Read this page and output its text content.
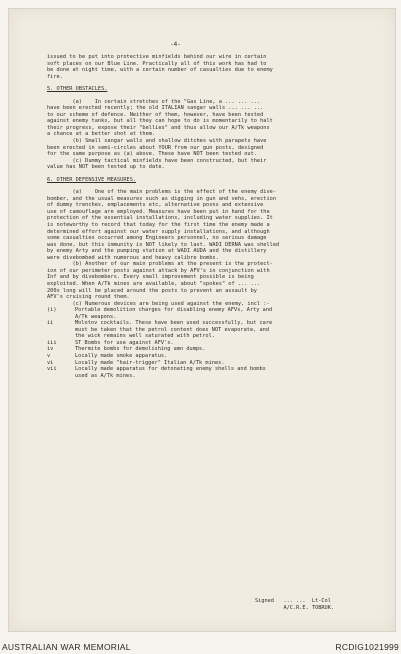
-4-

issued to be put into protective minfields behind our wire in certain

soft places on our Blue Line. Practically all of this work has had to

be done at night time, with a certain number of casualties due to enemy

fire.

5. OTHER OBSTACLES.

(a)    In certain stretches of the "Gas Line, a ... ... ...

have been erected recently; the old ITALIAN sangar walls ... ... ...

to our scheme of defence. Neither of them, however, have been tested

against enemy tanks, but all they can hope to do is momentarily to halt

their progress, expose their "bellies" and thus allow our A/Tk weapons

a chance at a better shot at them.

(b) Small sangar walls and shallow ditches with parapets have

been erected in semi-circles about YOUR from our gun posts, designed

for the same purpose as (a) above. These have NOT been tested out.

(c) Dummy tactical minfields have been constructed, but their

value has NOT been tested up to date.

6. OTHER DEFENSIVE MEASURES.

(a)    One of the main problems is the effect of the enemy dive-

bomber, and the usual measures such as digging in gun and vehs, erection

of dummy trenches, emplacements etc, alternative posns and extensive

use of camouflage are employed. Measures have been put in hand for the

protection of the essential installations, including water supplies. It

is noteworthy to record that today for the first time the enemy made a

determined effort against our water supply installations, and although

some casualties occurred among Engineers personnel, no serious damage

was done, but this immunity is NOT likely to last. WADI DERNA was shelled

by enemy Arty and the pumping station at WADI AUDA and the distillery

were divebombed with numerous and heavy calibre bombs.

(b) Another of our main problems at the present is the protect-

ion of our perimeter posts against attack by AFV's in conjunction with

Inf and by divebombers. Every small improvement possible is being

exploited. When A/Tk mines are available, about "spokes" of ... ...

200x long will be placed around the posts to prevent an assault by

AFV's cruising round them.

(c) Numerous devices are being used against the enemy, incl :-

(i)	Portable demolition charges for disabling enemy AFVs, Arty and
A/Tk weapons.
ii	Molotov cocktails. These have been used successfully, but care
must be taken that the petrol content does NOT evaporate, and
the wick remains well saturated with petrol.
iii	ST Bombs for use against AFV's.
iv	Thermite bombs for demolishing amn dumps.
v	Locally made smoke apparatus.
vi	Locally made "hair-trigger" Italian A/Tk mines.
vii	Locally made apparatus for detonating enemy shells and bombs
used as A/Tk mines.
Signed   ... ...  Lt-Col
A/C.R.E. TOBRUK.
AUSTRALIAN WAR MEMORIAL	RCDIG1021999
